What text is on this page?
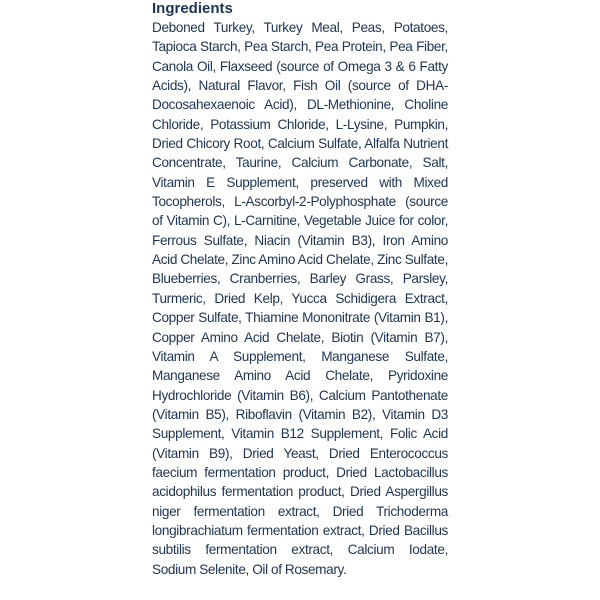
Ingredients

Deboned Turkey, Turkey Meal, Peas, Potatoes, Tapioca Starch, Pea Starch, Pea Protein, Pea Fiber, Canola Oil, Flaxseed (source of Omega 3 & 6 Fatty Acids), Natural Flavor, Fish Oil (source of DHA-Docosahexaenoic Acid), DL-Methionine, Choline Chloride, Potassium Chloride, L-Lysine, Pumpkin, Dried Chicory Root, Calcium Sulfate, Alfalfa Nutrient Concentrate, Taurine, Calcium Carbonate, Salt, Vitamin E Supplement, preserved with Mixed Tocopherols, L-Ascorbyl-2-Polyphosphate (source of Vitamin C), L-Carnitine, Vegetable Juice for color, Ferrous Sulfate, Niacin (Vitamin B3), Iron Amino Acid Chelate, Zinc Amino Acid Chelate, Zinc Sulfate, Blueberries, Cranberries, Barley Grass, Parsley, Turmeric, Dried Kelp, Yucca Schidigera Extract, Copper Sulfate, Thiamine Mononitrate (Vitamin B1), Copper Amino Acid Chelate, Biotin (Vitamin B7), Vitamin A Supplement, Manganese Sulfate, Manganese Amino Acid Chelate, Pyridoxine Hydrochloride (Vitamin B6), Calcium Pantothenate (Vitamin B5), Riboflavin (Vitamin B2), Vitamin D3 Supplement, Vitamin B12 Supplement, Folic Acid (Vitamin B9), Dried Yeast, Dried Enterococcus faecium fermentation product, Dried Lactobacillus acidophilus fermentation product, Dried Aspergillus niger fermentation extract, Dried Trichoderma longibrachiatum fermentation extract, Dried Bacillus subtilis fermentation extract, Calcium Iodate, Sodium Selenite, Oil of Rosemary.
